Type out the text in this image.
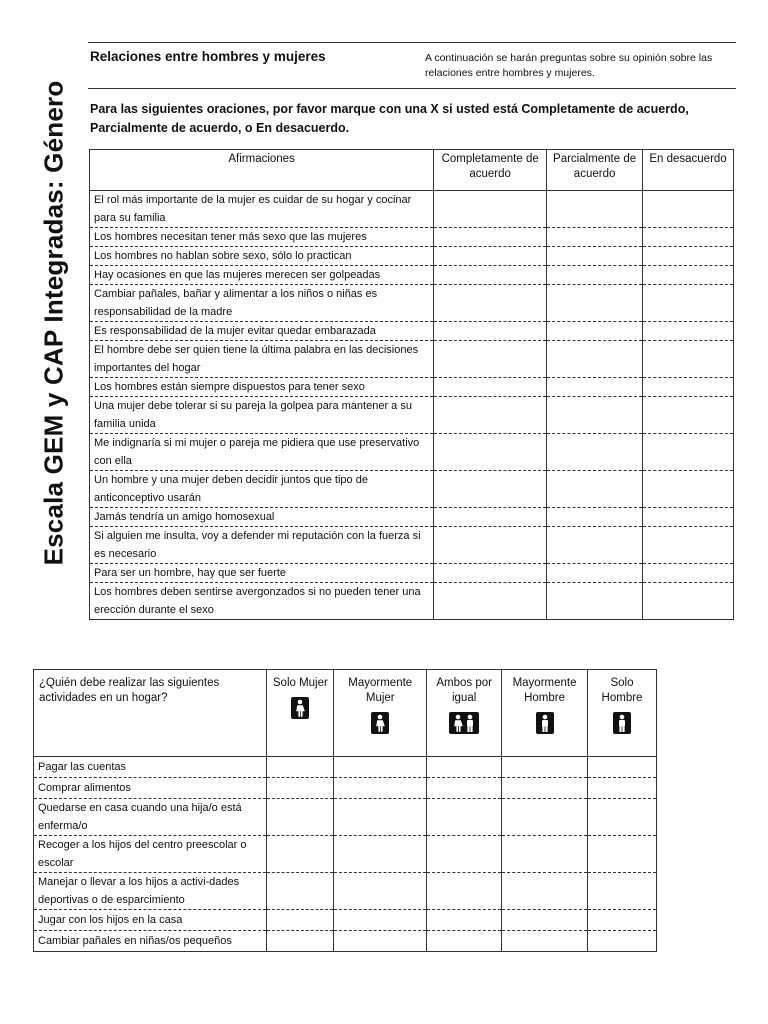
Escala GEM y CAP Integradas: Género
Relaciones entre hombres y mujeres	A continuación se harán preguntas sobre su opinión sobre las relaciones entre hombres y mujeres.
Para las siguientes oraciones, por favor marque con una X si usted está Completamente de acuerdo, Parcialmente de acuerdo, o En desacuerdo.
Afirmaciones	Completamente de acuerdo	Parcialmente de acuerdo	En desacuerdo
El rol más importante de la mujer es cuidar de su hogar y cocinar para su familia			
Los hombres necesitan tener más sexo que las mujeres			
Los hombres no hablan sobre sexo, sólo lo practican			
Hay ocasiones en que las mujeres merecen ser golpeadas			
Cambiar pañales, bañar y alimentar a los niños o niñas es responsabilidad de la madre			
Es responsabilidad de la mujer evitar quedar embarazada			
El hombre debe ser quien tiene la última palabra en las decisiones importantes del hogar			
Los hombres están siempre dispuestos para tener sexo			
Una mujer debe tolerar si su pareja la golpea para mantener a su familia unida			
Me indignaría si mi mujer o pareja me pidiera que use preservativo con ella			
Un hombre y una mujer deben decidir juntos que tipo de anticonceptivo usarán			
Jamás tendría un amigo homosexual			
Si alguien me insulta, voy a defender mi reputación con la fuerza si es necesario			
Para ser un hombre, hay que ser fuerte			
Los hombres deben sentirse avergonzados si no pueden tener una erección durante el sexo			
¿Quién debe realizar las siguientes actividades en un hogar?	Solo Mujer	Mayormente Mujer	Ambos por igual	Mayormente Hombre	Solo Hombre

Pagar las cuentas					
Comprar alimentos					
Quedarse en casa cuando una hija/o está enferma/o					
Recoger a los hijos del centro preescolar o escolar					
Manejar o llevar a los hijos a activi-dades deportivas o de esparcimiento					
Jugar con los hijos en la casa					
Cambiar pañales en niñas/os pequeños					
